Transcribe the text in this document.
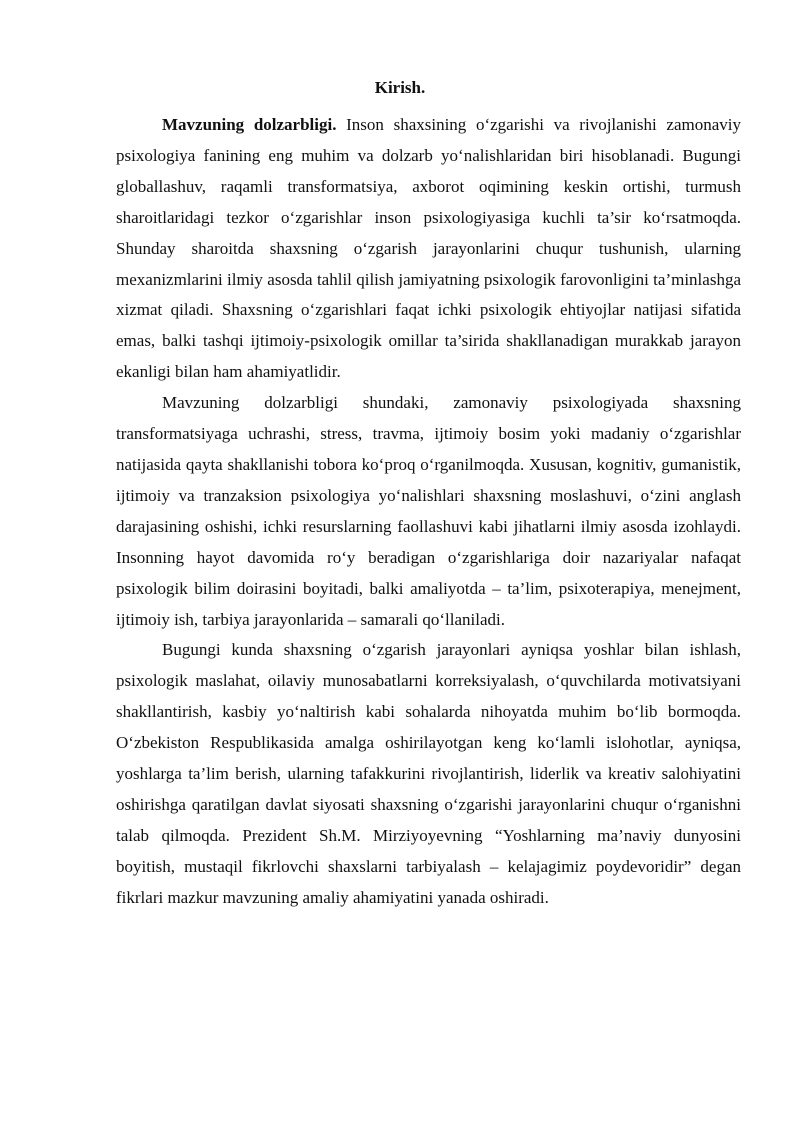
Kirish.

Mavzuning dolzarbligi. Inson shaxsining o‘zgarishi va rivojlanishi zamonaviy psixologiya fanining eng muhim va dolzarb yo‘nalishlaridan biri hisoblanadi. Bugungi globallashuv, raqamli transformatsiya, axborot oqimining keskin ortishi, turmush sharoitlaridagi tezkor o‘zgarishlar inson psixologiyasiga kuchli ta’sir ko‘rsatmoqda. Shunday sharoitda shaxsning o‘zgarish jarayonlarini chuqur tushunish, ularning mexanizmlarini ilmiy asosda tahlil qilish jamiyatning psixologik farovonligini ta’minlashga xizmat qiladi. Shaxsning o‘zgarishlari faqat ichki psixologik ehtiyojlar natijasi sifatida emas, balki tashqi ijtimoiy-psixologik omillar ta’sirida shakllanadigan murakkab jarayon ekanligi bilan ham ahamiyatlidir.

Mavzuning dolzarbligi shundaki, zamonaviy psixologiyada shaxsning transformatsiyaga uchrashi, stress, travma, ijtimoiy bosim yoki madaniy o‘zgarishlar natijasida qayta shakllanishi tobora ko‘proq o‘rganilmoqda. Xususan, kognitiv, gumanistik, ijtimoiy va tranzaksion psixologiya yo‘nalishlari shaxsning moslashuvi, o‘zini anglash darajasining oshishi, ichki resurslarning faollashuvi kabi jihatlarni ilmiy asosda izohlaydi. Insonning hayot davomida ro‘y beradigan o‘zgarishlariga doir nazariyalar nafaqat psixologik bilim doirasini boyitadi, balki amaliyotda – ta’lim, psixoterapiya, menejment, ijtimoiy ish, tarbiya jarayonlarida – samarali qo‘llaniladi.

Bugungi kunda shaxsning o‘zgarish jarayonlari ayniqsa yoshlar bilan ishlash, psixologik maslahat, oilaviy munosabatlarni korreksiyalash, o‘quvchilarda motivatsiyani shakllantirish, kasbiy yo‘naltirish kabi sohalarda nihoyatda muhim bo‘lib bormoqda. O‘zbekiston Respublikasida amalga oshirilayotgan keng ko‘lamli islohotlar, ayniqsa, yoshlarga ta’lim berish, ularning tafakkurini rivojlantirish, liderlik va kreativ salohiyatini oshirishga qaratilgan davlat siyosati shaxsning o‘zgarishi jarayonlarini chuqur o‘rganishni talab qilmoqda. Prezident Sh.M. Mirziyoyevning “Yoshlarning ma’naviy dunyosini boyitish, mustaqil fikrlovchi shaxslarni tarbiyalash – kelajagimiz poydevoridir” degan fikrlari mazkur mavzuning amaliy ahamiyatini yanada oshiradi.
